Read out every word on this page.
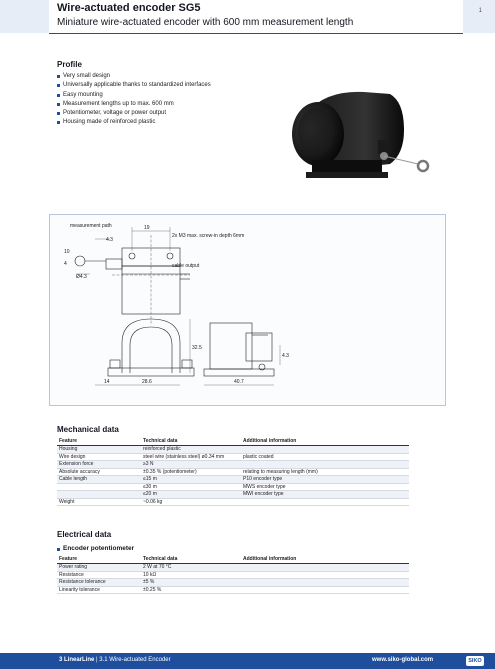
Wire-actuated encoder SG5
Miniature wire-actuated encoder with 600 mm measurement length
1
Profile
Very small design
Universally applicable thanks to standardized interfaces
Easy mounting
Measurement lengths up to max. 600 mm
Potentiometer, voltage or power output
Housing made of reinforced plastic
measurement path
2x M3 max. screw-in depth 6mm
cable output
19
4.3
10
4
Ø4.3
32.5
14	28.6	40.7
4.3
Mechanical data
Feature	Technical data	Additional information
Housing	reinforced plastic	
Wire design	steel wire (stainless steel) ø0.34 mm	plastic coated
Extension force	≥3 N	
Absolute accuracy	±0.35 % (potentiometer)	relating to measuring length (mm)
Cable length	≤15 m	P10 encoder type
	≤30 m	MWS encoder type
	≤20 m	MWI encoder type
Weight	~0.06 kg	
Electrical data
Encoder potentiometer
Feature	Technical data	Additional information
Power rating	2 W at 70 °C	
Resistance	10 kΩ	
Resistance tolerance	±5 %	
Linearity tolerance	±0.25 %	
3 LinearLine | 3.1 Wire-actuated Encoder	www.siko-global.com	SIKO
